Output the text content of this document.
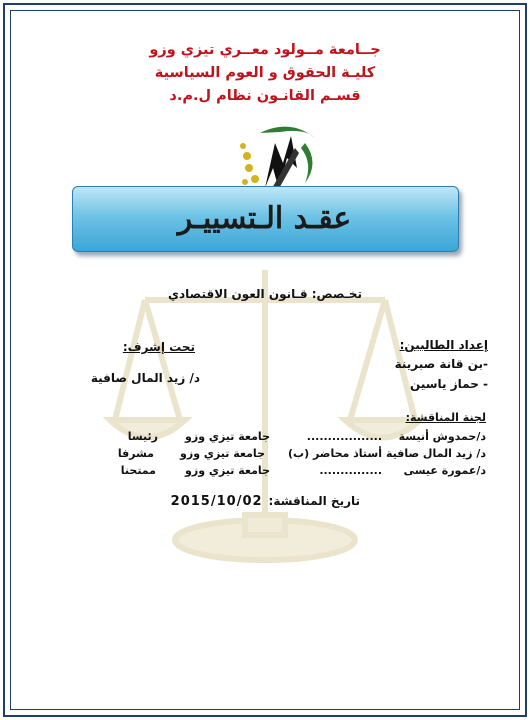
جــامعة مــولود معــري تيزي وزو
كليـة الحقوق و العوم السياسية
قسـم القانـون نظام ل.م.د
عقـد الـتسييـر
تخـصص: قـانون العون الاقتصادي
إعداد الطالبين:
-بن قانة صبرينة
- حماز ياسين
تحت إشرف:
د/ زيد المال صافية
لجنة المناقشة:
د/حمدوش أنيسة
..................
جامعة تيزي وزو
رئيسا
د/ زيد المال صافية
أستاذ محاضر (ب)
جامعة تيزي وزو
مشرفا
د/عمورة عيسى
...............
جامعة تيزي وزو
ممتحنا
تاريخ المناقشة:
2015/10/02
